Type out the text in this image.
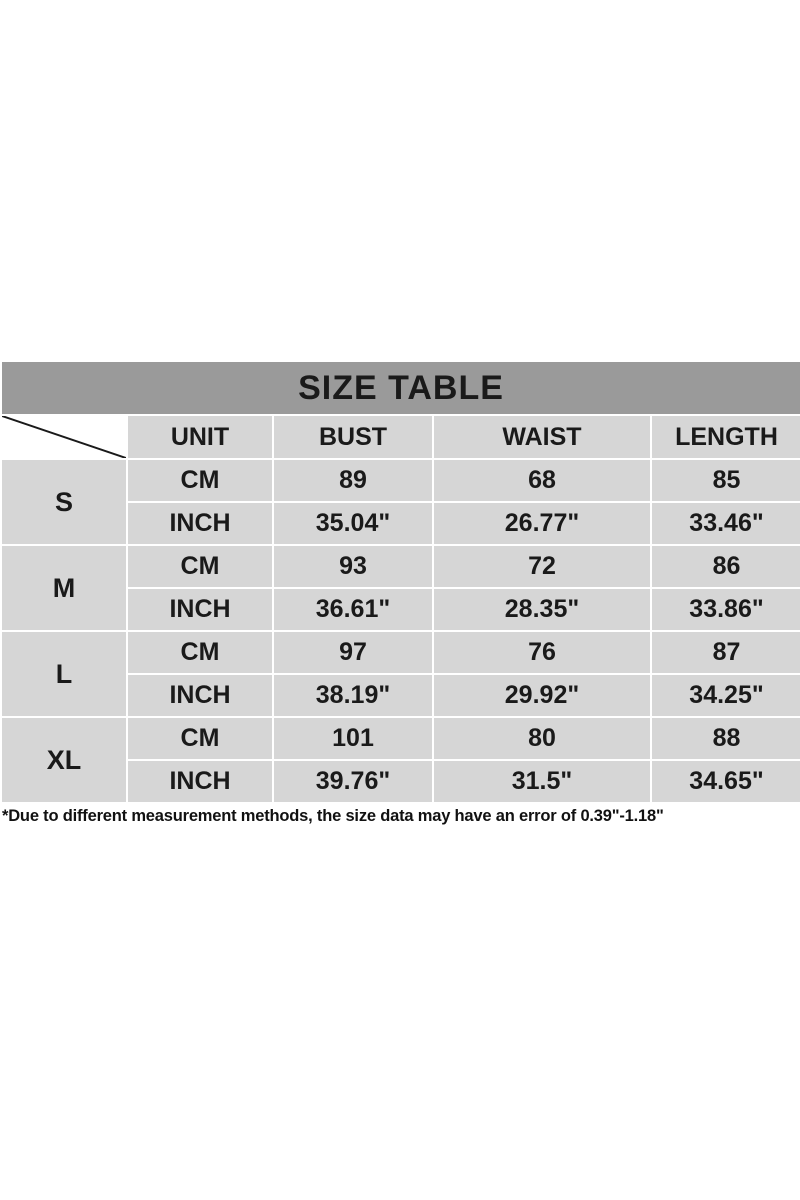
SIZE TABLE				

	UNIT	BUST	WAIST	LENGTH
S	CM	89	68	85
	INCH	35.04"	26.77"	33.46"
M	CM	93	72	86
	INCH	36.61"	28.35"	33.86"
L	CM	97	76	87
	INCH	38.19"	29.92"	34.25"
XL	CM	101	80	88
	INCH	39.76"	31.5"	34.65"
*Due to different measurement methods, the size data may have an error of 0.39"-1.18"
